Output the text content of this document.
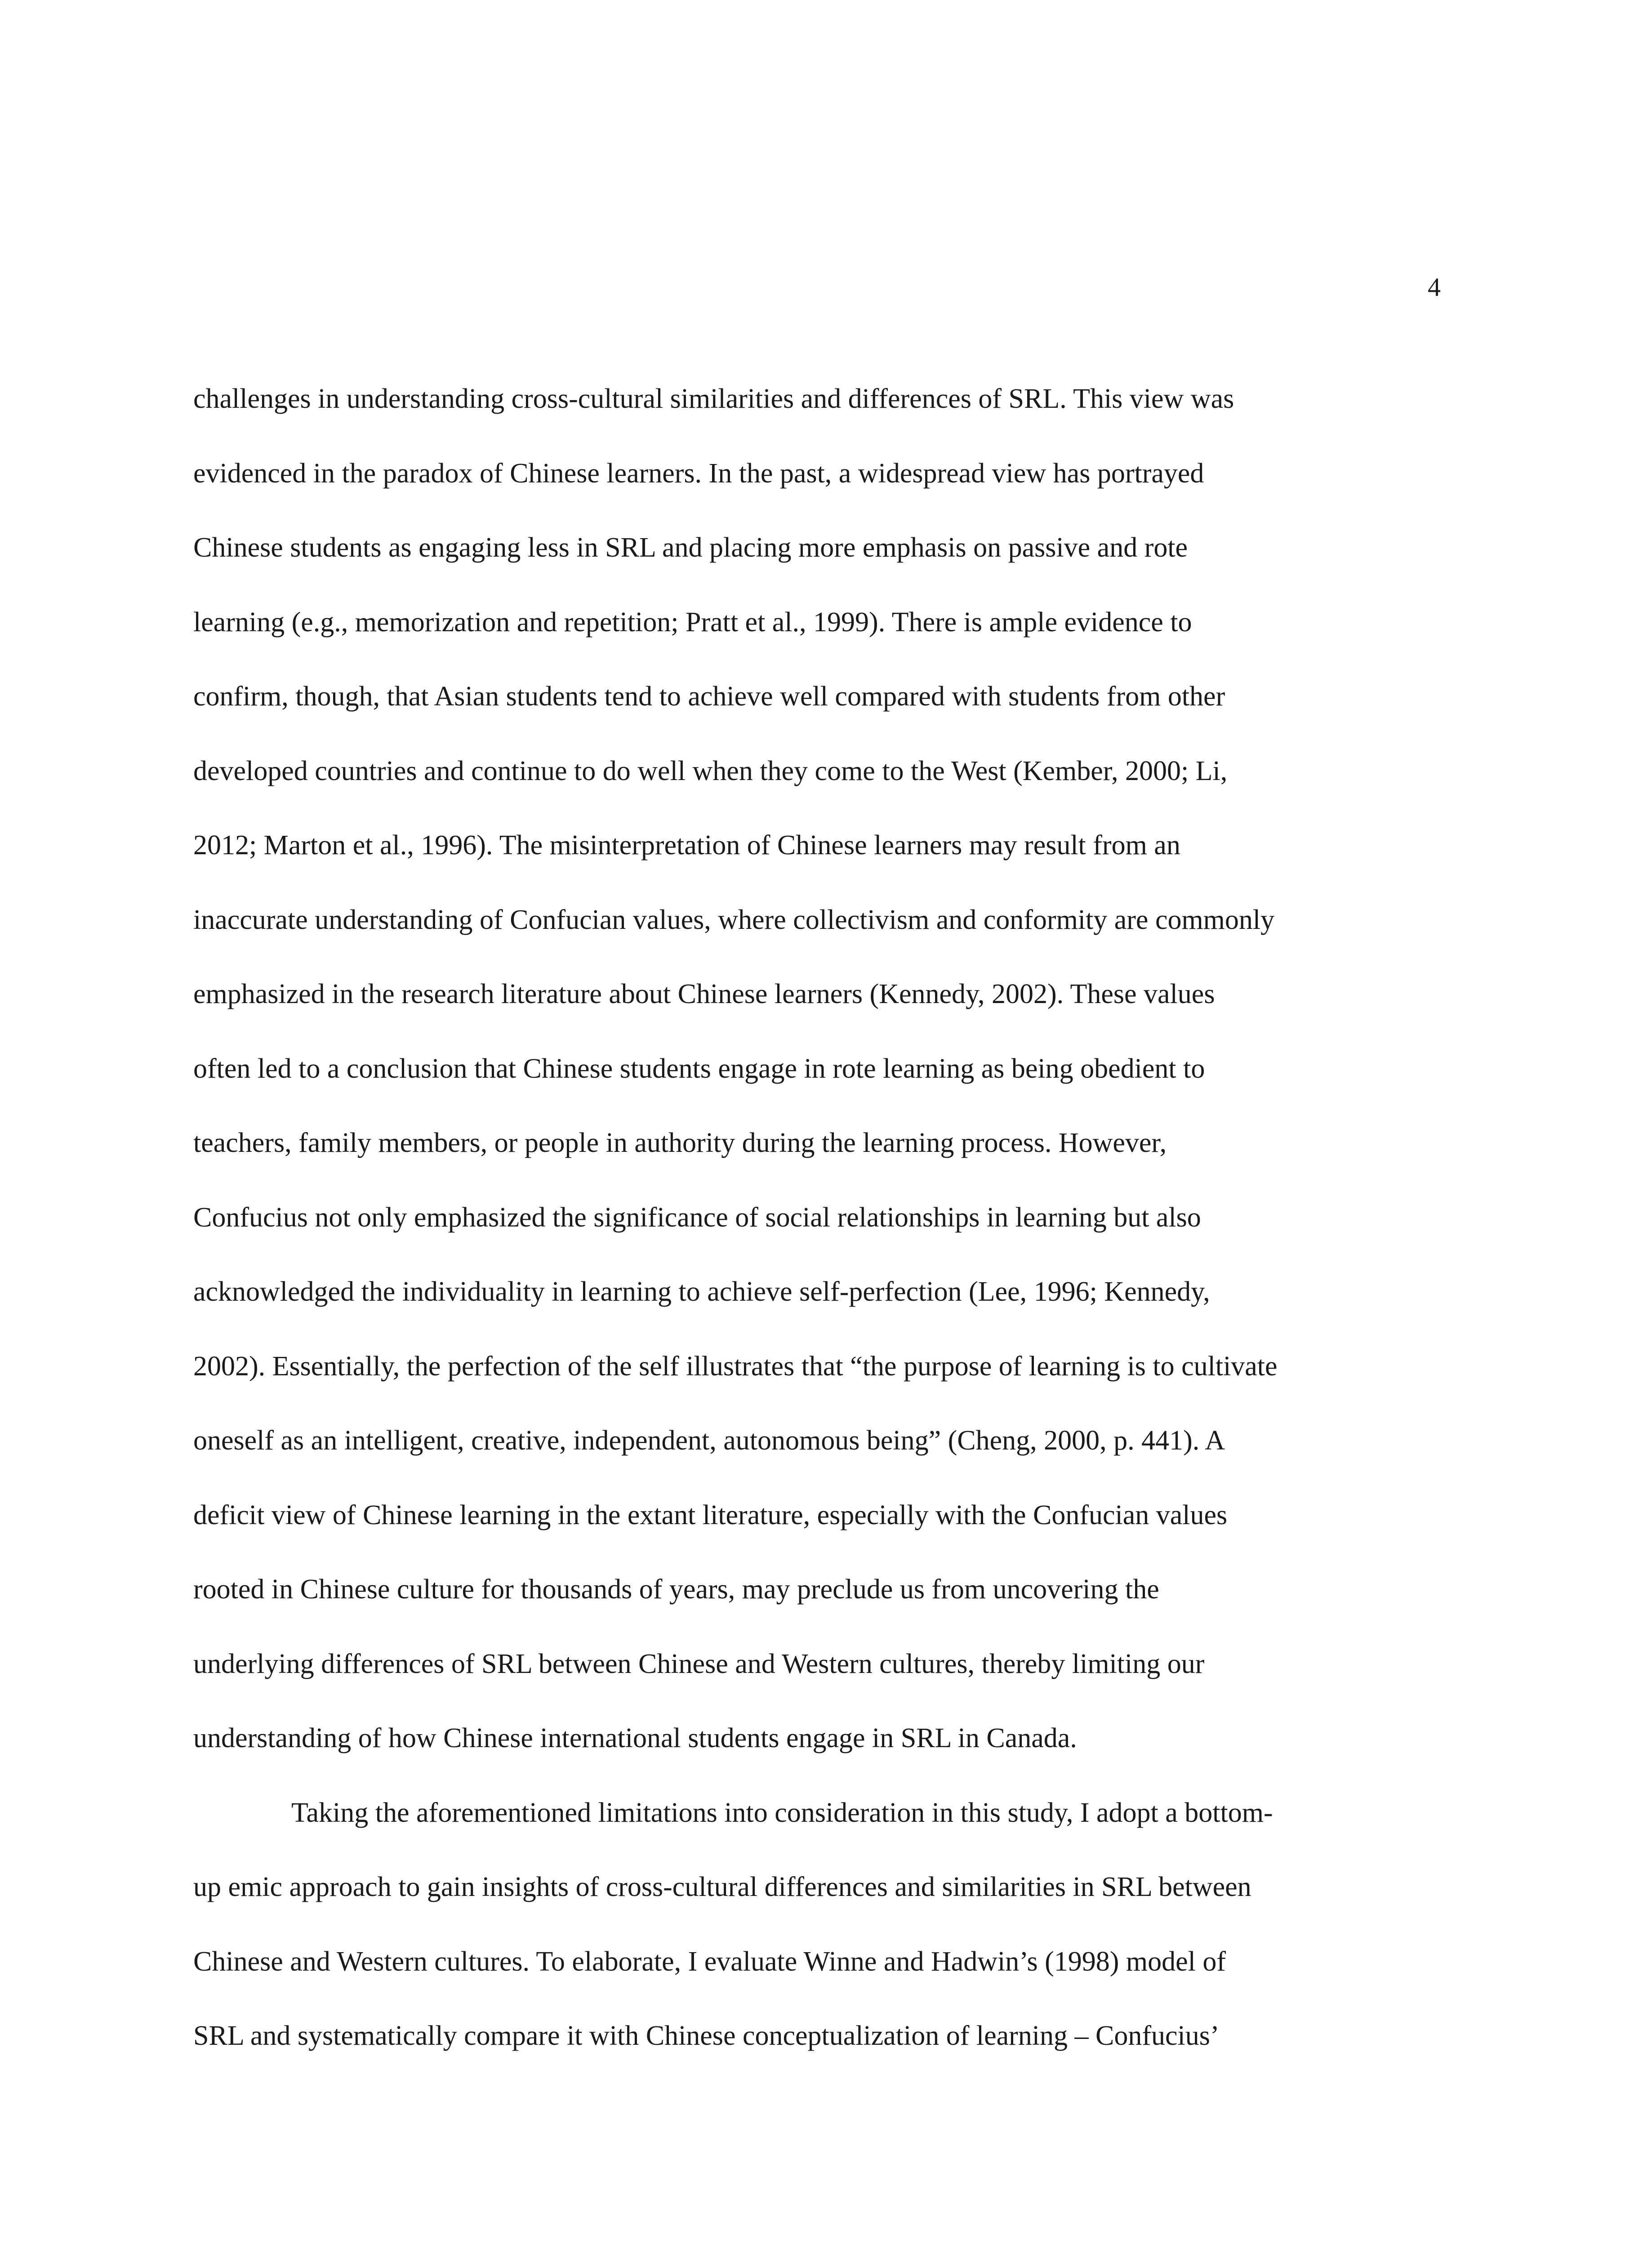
4
challenges in understanding cross-cultural similarities and differences of SRL. This view was
evidenced in the paradox of Chinese learners. In the past, a widespread view has portrayed
Chinese students as engaging less in SRL and placing more emphasis on passive and rote
learning (e.g., memorization and repetition; Pratt et al., 1999). There is ample evidence to
confirm, though, that Asian students tend to achieve well compared with students from other
developed countries and continue to do well when they come to the West (Kember, 2000; Li,
2012; Marton et al., 1996). The misinterpretation of Chinese learners may result from an
inaccurate understanding of Confucian values, where collectivism and conformity are commonly
emphasized in the research literature about Chinese learners (Kennedy, 2002). These values
often led to a conclusion that Chinese students engage in rote learning as being obedient to
teachers, family members, or people in authority during the learning process. However,
Confucius not only emphasized the significance of social relationships in learning but also
acknowledged the individuality in learning to achieve self-perfection (Lee, 1996; Kennedy,
2002). Essentially, the perfection of the self illustrates that “the purpose of learning is to cultivate
oneself as an intelligent, creative, independent, autonomous being” (Cheng, 2000, p. 441). A
deficit view of Chinese learning in the extant literature, especially with the Confucian values
rooted in Chinese culture for thousands of years, may preclude us from uncovering the
underlying differences of SRL between Chinese and Western cultures, thereby limiting our
understanding of how Chinese international students engage in SRL in Canada.
Taking the aforementioned limitations into consideration in this study, I adopt a bottom-
up emic approach to gain insights of cross-cultural differences and similarities in SRL between
Chinese and Western cultures. To elaborate, I evaluate Winne and Hadwin’s (1998) model of
SRL and systematically compare it with Chinese conceptualization of learning – Confucius’
